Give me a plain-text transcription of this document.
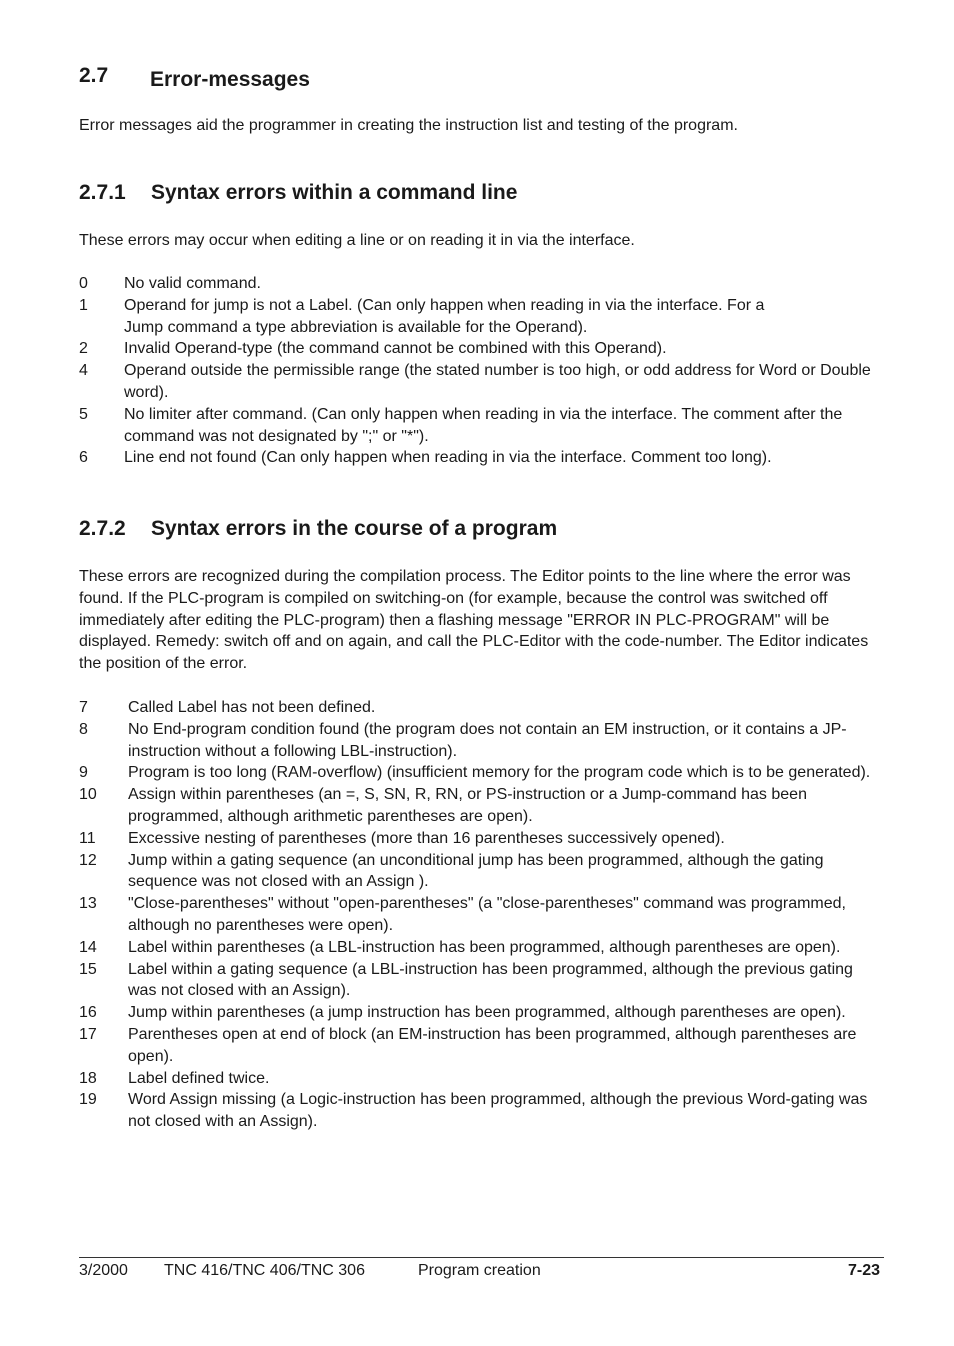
2.7 Error-messages
Error messages aid the programmer in creating the instruction list and testing of the program.
2.7.1 Syntax errors within a command line
These errors may occur when editing a line or on reading it in via the interface.
0	No valid command.
1	Operand for jump is not a Label. (Can only happen when reading in via the interface. For a Jump command a type abbreviation is available for the Operand).
2	Invalid Operand-type (the command cannot be combined with this Operand).
4	Operand outside the permissible range (the stated number is too high, or odd address for Word or Double word).
5	No limiter after command. (Can only happen when reading in via the interface. The comment after the command was not designated by ";" or "*").
6	Line end not found (Can only happen when reading in via the interface. Comment too long).
2.7.2 Syntax errors in the course of a program
These errors are recognized during the compilation process. The Editor points to the line where the error was found. If the PLC-program is compiled on switching-on (for example, because the control was switched off immediately after editing the PLC-program) then a flashing message "ERROR IN PLC-PROGRAM" will be displayed. Remedy: switch off and on again, and call the PLC-Editor with the code-number. The Editor indicates the position of the error.
7	Called Label has not been defined.
8	No End-program condition found (the program does not contain an EM instruction, or it contains a JP-instruction without a following LBL-instruction).
9	Program is too long (RAM-overflow) (insufficient memory for the program code which is to be generated).
10	Assign within parentheses (an =, S, SN, R, RN, or PS-instruction or a Jump-command has been programmed, although arithmetic parentheses are open).
11	Excessive nesting of parentheses (more than 16 parentheses successively opened).
12	Jump within a gating sequence (an unconditional jump has been programmed, although the gating sequence was not closed with an Assign ).
13	"Close-parentheses" without "open-parentheses" (a "close-parentheses" command was programmed, although no parentheses were open).
14	Label within parentheses (a LBL-instruction has been programmed, although parentheses are open).
15	Label within a gating sequence (a LBL-instruction has been programmed, although the previous gating was not closed with an Assign).
16	Jump within parentheses (a jump instruction has been programmed, although parentheses are open).
17	Parentheses open at end of block (an EM-instruction has been programmed, although parentheses are open).
18	Label defined twice.
19	Word Assign missing (a Logic-instruction has been programmed, although the previous Word-gating was not closed with an Assign).
3/2000 TNC 416/TNC 406/TNC 306	Program creation	7-23
